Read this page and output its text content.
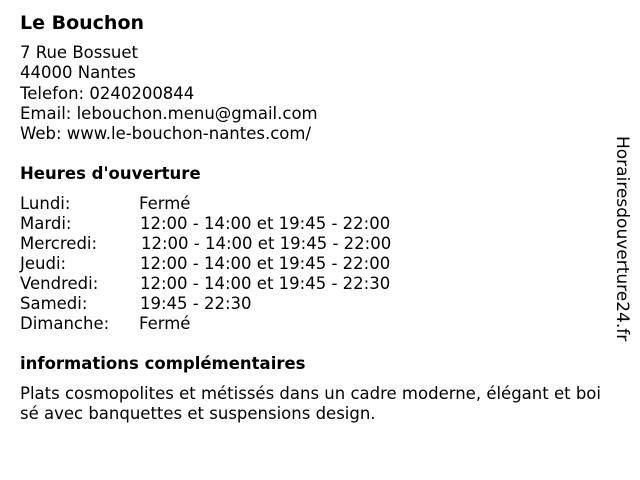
Le Bouchon
7 Rue Bossuet
44000 Nantes
Telefon: 0240200844
Email: lebouchon.menu@gmail.com
Web: www.le-bouchon-nantes.com/
Heures d'ouverture
Lundi:	Fermé
Mardi:	12:00 - 14:00 et 19:45 - 22:00
Mercredi:	12:00 - 14:00 et 19:45 - 22:00
Jeudi:	12:00 - 14:00 et 19:45 - 22:00
Vendredi:	12:00 - 14:00 et 19:45 - 22:30
Samedi:	19:45 - 22:30
Dimanche: Fermé
informations complémentaires
Plats cosmopolites et métissés dans un cadre moderne, élégant et boi
sé avec banquettes et suspensions design.
Horairesdouverture24.fr
